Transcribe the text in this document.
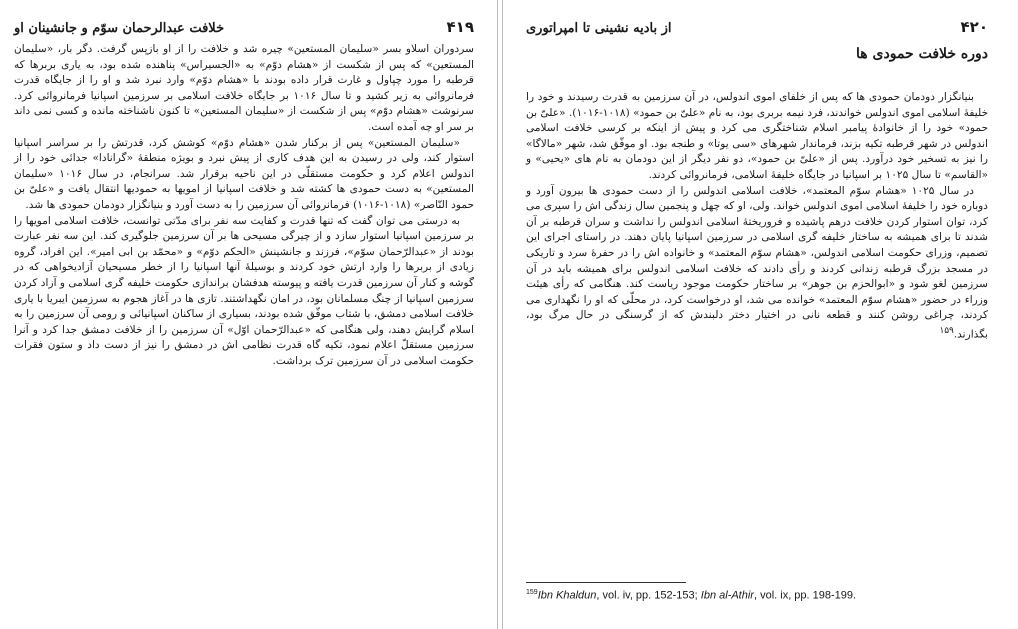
۴۱۹
خلافت عبدالرحمان سوّم و جانشینان او

سردوران اسلاو بسر «سلیمان المستعین» چیره شد و خلافت را از او بازپس گرفت. دگر بار، «سلیمان المستعین» که پس از شکست از «هشام دوّم» به «الجسیراس» پناهنده شده بود، به یاری بربرها که قرطبه را مورد چپاول و غارت قرار داده بودند با «هشام دوّم» وارد نبرد شد و او را از جایگاه قدرت فرمانروائی به زیر کشید و تا سال ۱۰۱۶ بر جایگاه خلافت اسلامی بر سرزمین اسپانیا فرمانروائی کرد. سرنوشت «هشام دوّم» پس از شکست از «سلیمان المستعین» تا کنون ناشناخته مانده و کسی نمی داند بر سر او چه آمده است.

«سلیمان المستعین» پس از برکنار شدن «هشام دوّم» کوشش کرد، قدرتش را بر سراسر اسپانیا استوار کند، ولی در رسیدن به این هدف کاری از پیش نبرد و بویژه منطقهٔ «گرانادا» جدائی خود را از اندولس اعلام کرد و حکومت مستقلّی در این ناحیه برقرار شد. سرانجام، در سال ۱۰۱۶ «سلیمان المستعین» به دست حمودی ها کشته شد و خلافت اسپانیا از امویها به حمودیها انتقال یافت و «علیّ بن حمود النّاصر» (۱۰۱۸-۱۰۱۶) فرمانروائی آن سرزمین را به دست آورد و بنیانگزار دودمان حمودی ها شد.

به درستی می توان گفت که تنها قدرت و کفایت سه نفر برای مدّتی توانست، خلافت اسلامی امویها را بر سرزمین اسپانیا استوار سازد و از چیرگی مسیحی ها بر آن سرزمین جلوگیری کند. این سه نفر عبارت بودند از «عبدالرّحمان سوّم»، فرزند و جانشینش «الحکم دوّم» و «محمّد بن ابی امیر». این افراد، گروه زیادی از بربرها را وارد ارتش خود کردند و بوسیلهٔ آنها اسپانیا را از خطر مسیحیان آزادیخواهی که در گوشه و کنار آن سرزمین قدرت یافته و پیوسته هدفشان براندازی حکومت خلیفه گری اسلامی و آزاد کردن سرزمین اسپانیا از چنگ مسلمانان بود، در امان نگهداشتند. تازی ها در آغاز هجوم به سرزمین ایبریا با یاری خلافت اسلامی دمشق، با شتاب موفّق شده بودند، بسیاری از ساکنان اسپانیائی و رومی آن سرزمین را به اسلام گرایش دهند، ولی هنگامی که «عبدالرّحمان اوّل» آن سرزمین را از خلافت دمشق جدا کرد و آنرا سرزمین مستقلّ اعلام نمود، تکیه گاه قدرت نظامی اش در دمشق را نیز از دست داد و ستون فقرات حکومت اسلامی در آن سرزمین ترک برداشت.

۴۲۰
از بادیه نشینی تا امپراتوری
دوره خلافت حمودی ها

بنیانگزار دودمان حمودی ها که پس از خلفای اموی اندولس، در آن سرزمین به قدرت رسیدند و خود را خلیفهٔ اسلامی اموی اندولس خواندند، فرد نیمه بربری بود، به نام «علیّ بن حمود» (۱۰۱۸-۱۰۱۶). «علیّ بن حمود» خود را از خانوادهٔ پیامبر اسلام شناختگری می کرد و پیش از اینکه بر کرسی خلافت اسلامی اندولس در شهر قرطبه تکیه بزند، فرماندار شهرهای «سی یوتا» و طنجه بود. او موفّق شد، شهر «مالاگا» را نیز به تسخیر خود درآورد. پس از «علیّ بن حمود»، دو نفر دیگر از این دودمان به نام های «یحیی» و «القاسم» تا سال ۱۰۲۵ بر اسپانیا در جایگاه خلیفهٔ اسلامی، فرمانروائی کردند.

در سال ۱۰۲۵ «هشام سوّم المعتمد»، خلافت اسلامی اندولس را از دست حمودی ها بیرون آورد و دوباره خود را خلیفهٔ اسلامی اموی اندولس خواند. ولی، او که چهل و پنجمین سال زندگی اش را سپری می کرد، توان استوار کردن خلافت درهم پاشیده و فروریختهٔ اسلامی اندولس را نداشت و سران قرطبه بر آن شدند تا برای همیشه به ساختار خلیفه گری اسلامی در سرزمین اسپانیا پایان دهند. در راستای اجرای این تصمیم، وزرای حکومت اسلامی اندولس، «هشام سوّم المعتمد» و خانواده اش را در حفرهٔ سرد و تاریکی در مسجد بزرگ قرطبه زندانی کردند و رأی دادند که خلافت اسلامی اندولس برای همیشه باید در آن سرزمین لغو شود و «ابوالحزم بن جوهر» بر ساختار حکومت موجود ریاست کند. هنگامی که رأی هیئت وزراء در حضور «هشام سوّم المعتمد» خوانده می شد، او درخواست کرد، در محلّی که او را نگهداری می کردند، چراغی روشن کنند و قطعه نانی در اختیار دختر دلبندش که از گرسنگی در حال مرگ بود، بگذارند.$^{۱۵۹}$

$^{159}$Ibn Khaldun, vol. iv, pp. 152-153; Ibn al-Athir, vol. ix, pp. 198-199.
